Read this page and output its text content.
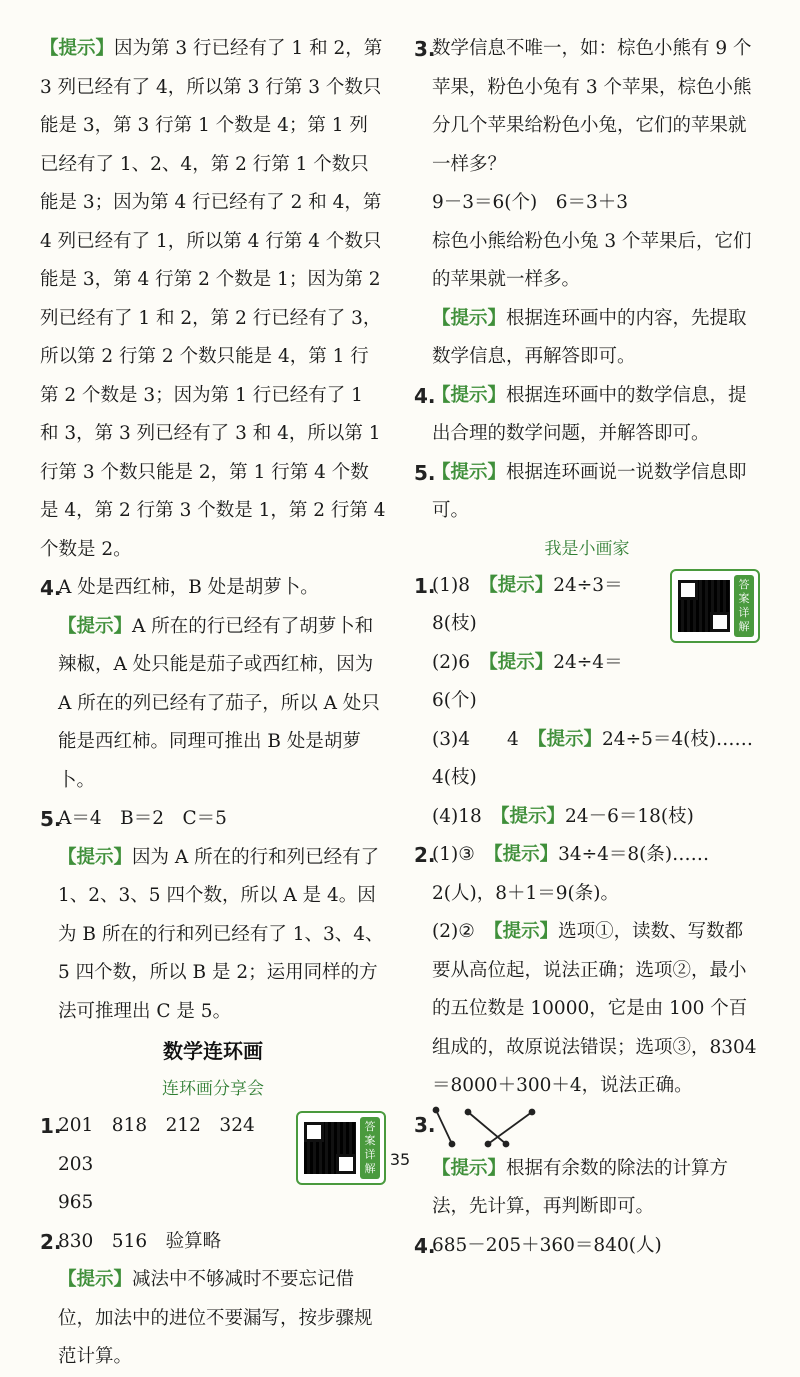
【提示】因为第 3 行已经有了 1 和 2，第 3 列已经有了 4，所以第 3 行第 3 个数只能是 3，第 3 行第 1 个数是 4；第 1 列已经有了 1、2、4，第 2 行第 1 个数只能是 3；因为第 4 行已经有了 2 和 4，第 4 列已经有了 1，所以第 4 行第 4 个数只能是 3，第 4 行第 2 个数是 1；因为第 2 列已经有了 1 和 2，第 2 行已经有了 3，所以第 2 行第 2 个数只能是 4，第 1 行第 2 个数是 3；因为第 1 行已经有了 1 和 3，第 3 列已经有了 3 和 4，所以第 1 行第 3 个数只能是 2，第 1 行第 4 个数是 4，第 2 行第 3 个数是 1，第 2 行第 4 个数是 2。
4.
A 处是西红柿，B 处是胡萝卜。
【提示】A 所在的行已经有了胡萝卜和辣椒，A 处只能是茄子或西红柿，因为 A 所在的列已经有了茄子，所以 A 处只能是西红柿。同理可推出 B 处是胡萝卜。
5.
A＝4　B＝2　C＝5
【提示】因为 A 所在的行和列已经有了 1、2、3、5 四个数，所以 A 是 4。因为 B 所在的行和列已经有了 1、3、4、5 四个数，所以 B 是 2；运用同样的方法可推理出 C 是 5。
数学连环画
连环画分享会
1.
201　818　212　324　203
965
答案详解
2.
830　516　验算略
【提示】减法中不够减时不要忘记借位，加法中的进位不要漏写，按步骤规范计算。
3.
数学信息不唯一，如：棕色小熊有 9 个苹果，粉色小兔有 3 个苹果，棕色小熊分几个苹果给粉色小兔，它们的苹果就一样多？
9－3＝6(个)　6＝3＋3
棕色小熊给粉色小兔 3 个苹果后，它们的苹果就一样多。
【提示】根据连环画中的内容，先提取数学信息，再解答即可。
4.
【提示】根据连环画中的数学信息，提出合理的数学问题，并解答即可。
5.
【提示】根据连环画说一说数学信息即可。
我是小画家
1.
(1)8　 【提示】24÷3＝8(枝)
(2)6　 【提示】24÷4＝6(个)
(3)4　　4　 【提示】24÷5＝4(枝)……4(枝)
(4)18　 【提示】24－6＝18(枝)
答案详解
2.
(1)③　 【提示】34÷4＝8(条)……2(人)，8＋1＝9(条)。
(2)②　 【提示】选项①，读数、写数都要从高位起，说法正确；选项②，最小的五位数是 10000，它是由 100 个百组成的，故原说法错误；选项③，8304＝8000＋300＋4，说法正确。
3.
【提示】根据有余数的除法的计算方法，先计算，再判断即可。
4.
685－205＋360＝840(人)
35
